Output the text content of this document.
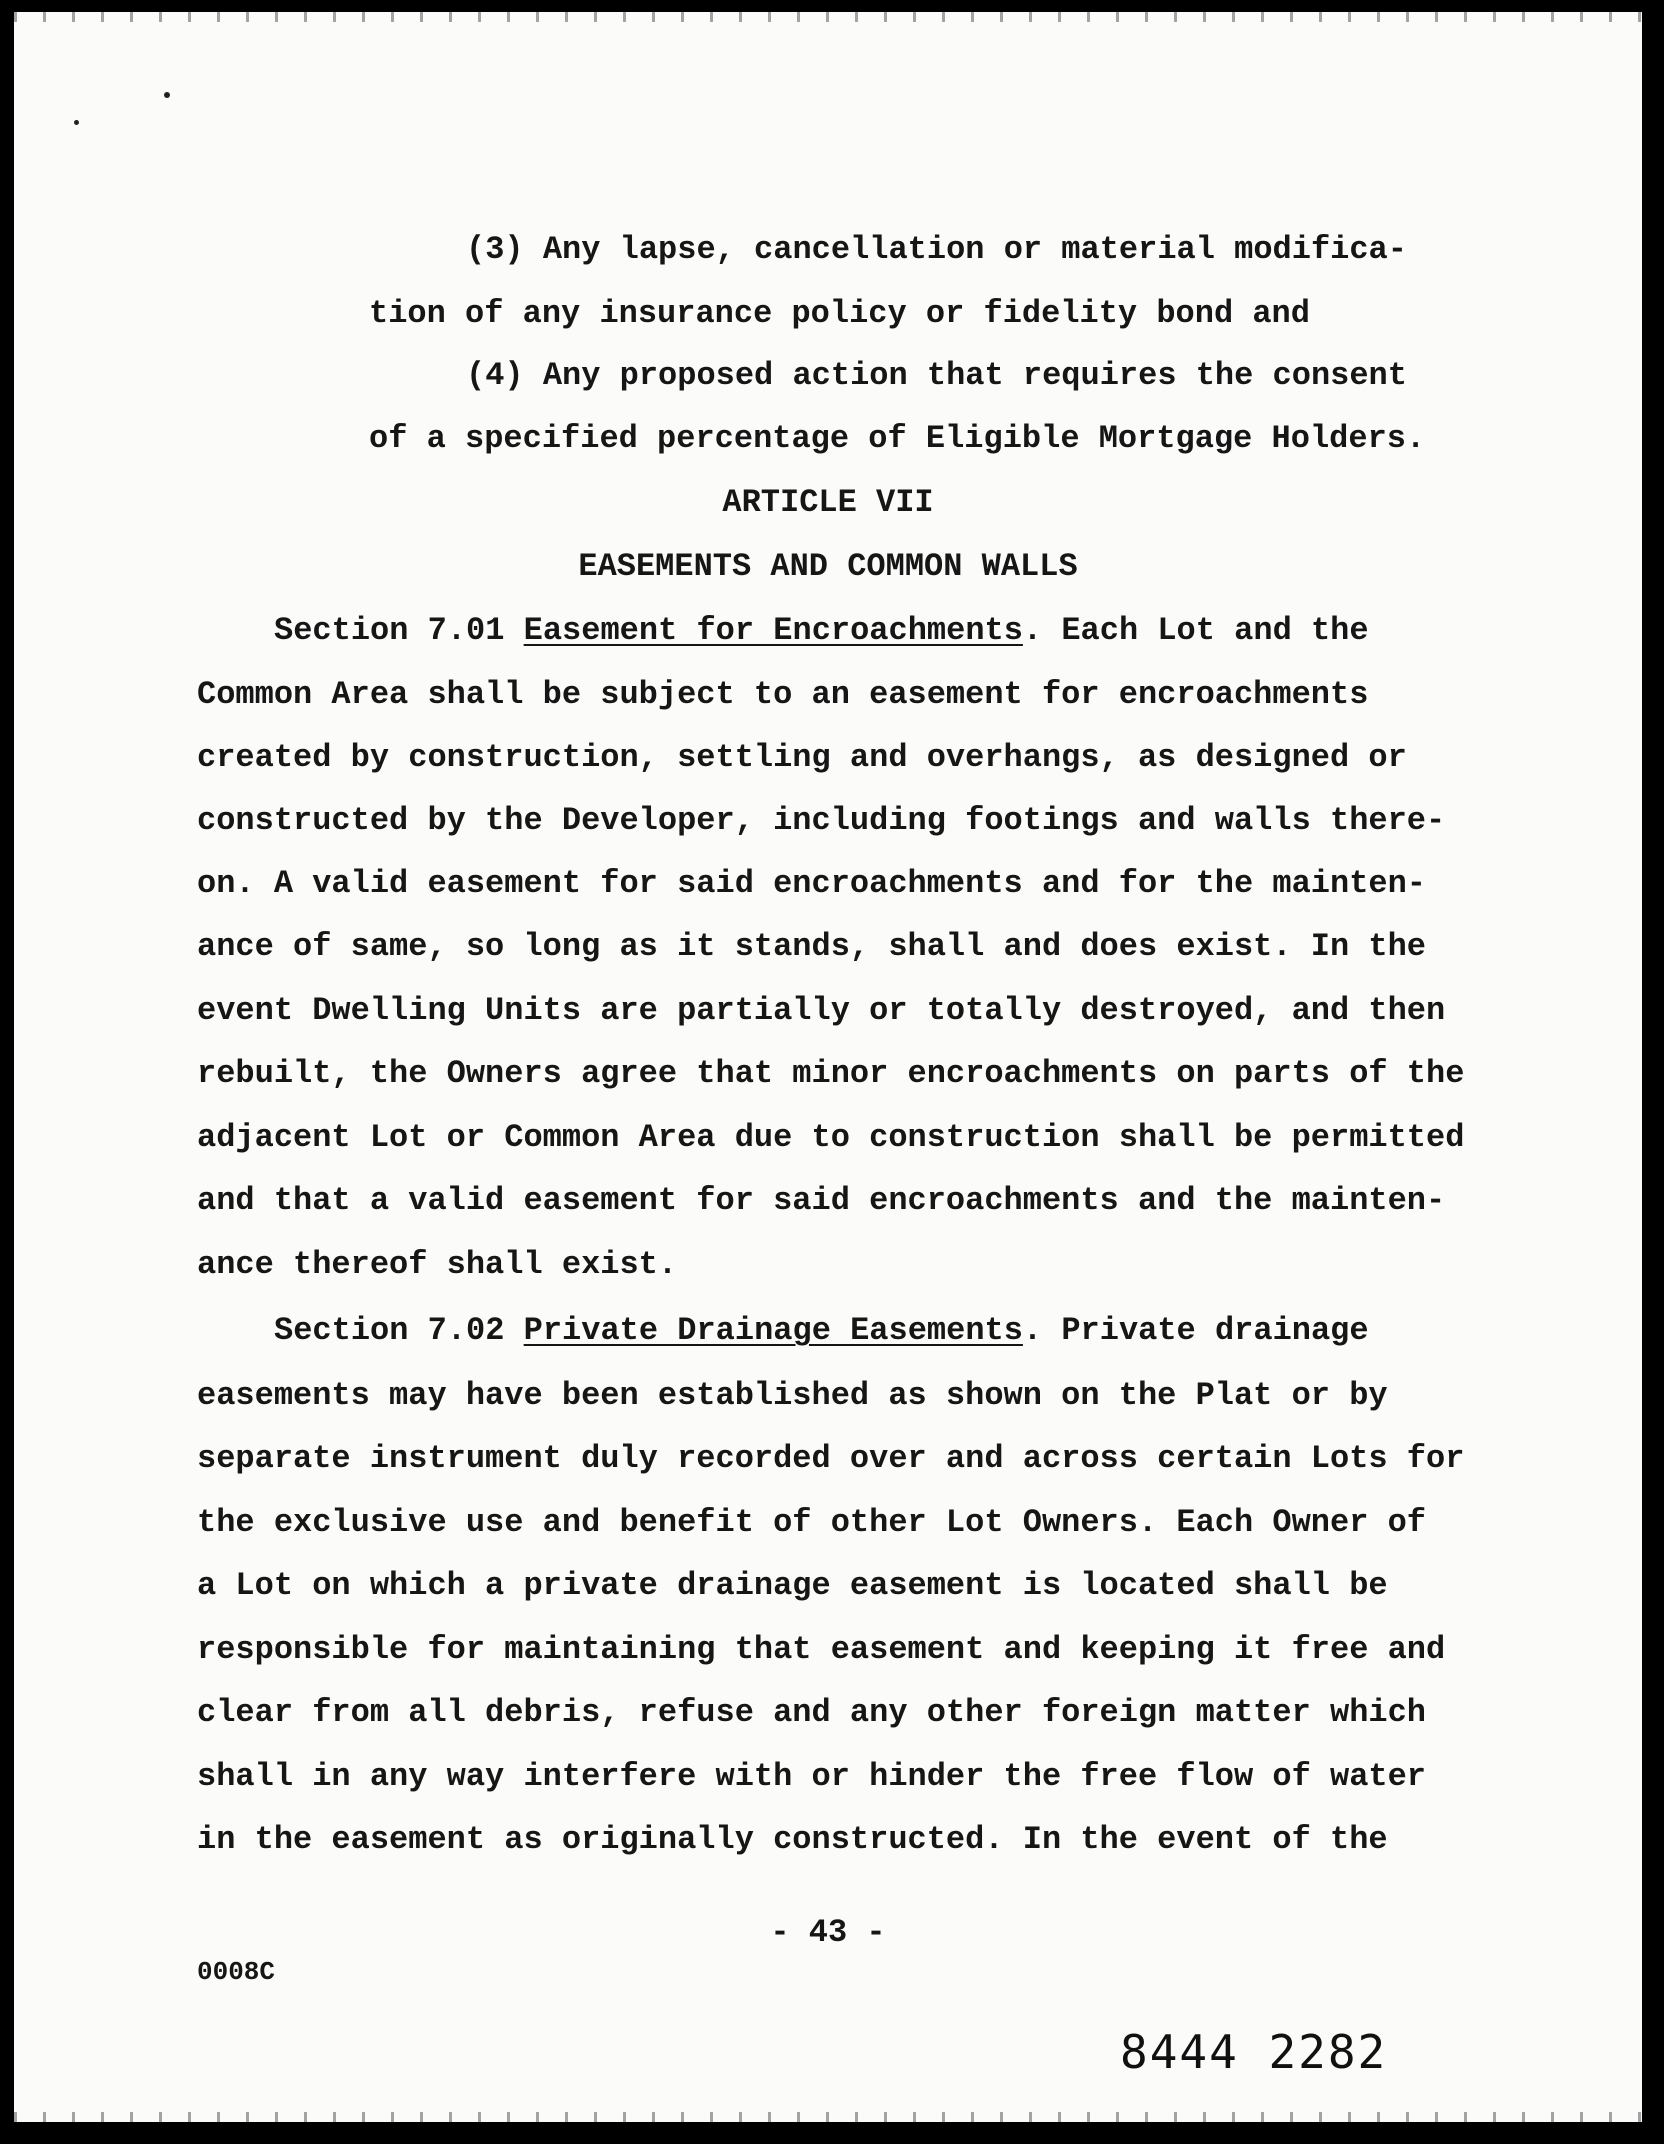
(3) Any lapse, cancellation or material modifica-
tion of any insurance policy or fidelity bond and
(4) Any proposed action that requires the consent
of a specified percentage of Eligible Mortgage Holders.
ARTICLE VII
EASEMENTS AND COMMON WALLS
Section 7.01 Easement for Encroachments. Each Lot and the
Common Area shall be subject to an easement for encroachments
created by construction, settling and overhangs, as designed or
constructed by the Developer, including footings and walls there-
on. A valid easement for said encroachments and for the mainten-
ance of same, so long as it stands, shall and does exist. In the
event Dwelling Units are partially or totally destroyed, and then
rebuilt, the Owners agree that minor encroachments on parts of the
adjacent Lot or Common Area due to construction shall be permitted
and that a valid easement for said encroachments and the mainten-
ance thereof shall exist.
Section 7.02 Private Drainage Easements. Private drainage
easements may have been established as shown on the Plat or by
separate instrument duly recorded over and across certain Lots for
the exclusive use and benefit of other Lot Owners. Each Owner of
a Lot on which a private drainage easement is located shall be
responsible for maintaining that easement and keeping it free and
clear from all debris, refuse and any other foreign matter which
shall in any way interfere with or hinder the free flow of water
in the easement as originally constructed. In the event of the
- 43 -
0008C
8444 2282
